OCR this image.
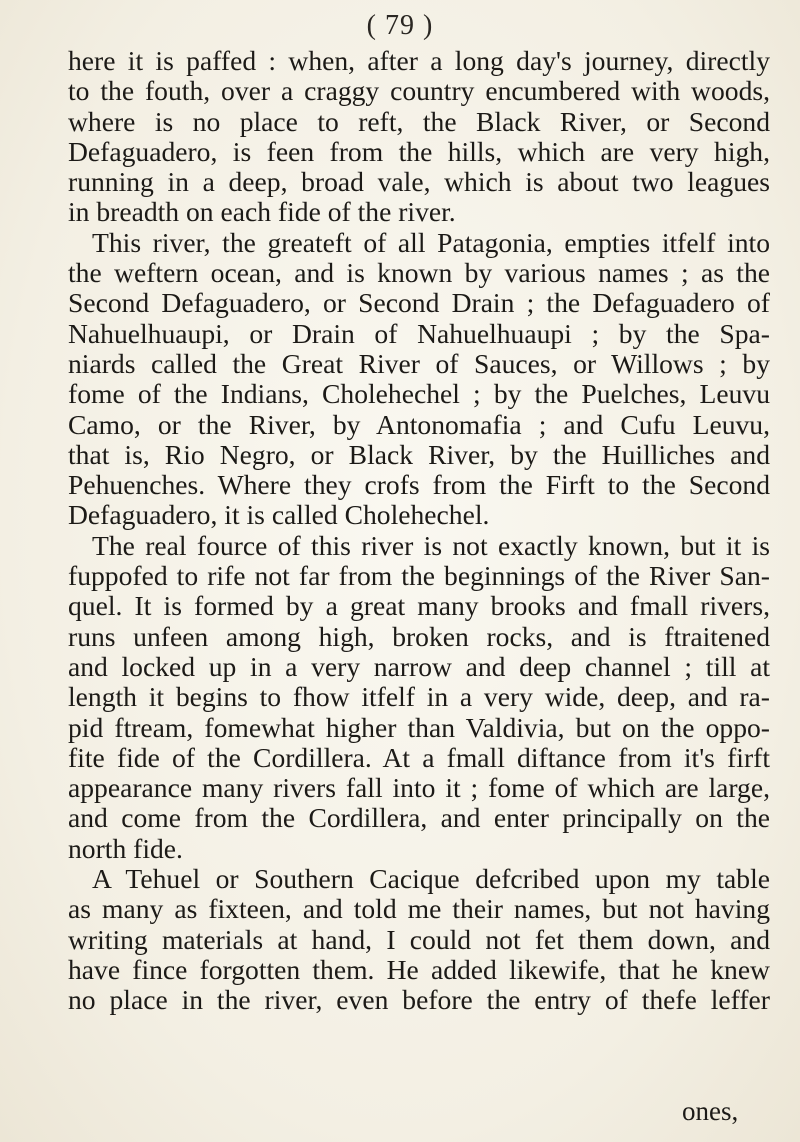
( 79 )
here it is paffed : when, after a long day's journey, directly
to the fouth, over a craggy country encumbered with woods,
where is no place to reft, the Black River, or Second
Defaguadero, is feen from the hills, which are very high,
running in a deep, broad vale, which is about two leagues
in breadth on each fide of the river.
This river, the greateft of all Patagonia, empties itfelf into
the weftern ocean, and is known by various names ; as the
Second Defaguadero, or Second Drain ; the Defaguadero of
Nahuelhuaupi, or Drain of Nahuelhuaupi ; by the Spa-
niards called the Great River of Sauces, or Willows ; by
fome of the Indians, Cholehechel ; by the Puelches, Leuvu
Camo, or the River, by Antonomafia ; and Cufu Leuvu,
that is, Rio Negro, or Black River, by the Huilliches and
Pehuenches. Where they crofs from the Firft to the Second
Defaguadero, it is called Cholehechel.
The real fource of this river is not exactly known, but it is
fuppofed to rife not far from the beginnings of the River San-
quel. It is formed by a great many brooks and fmall rivers,
runs unfeen among high, broken rocks, and is ftraitened
and locked up in a very narrow and deep channel ; till at
length it begins to fhow itfelf in a very wide, deep, and ra-
pid ftream, fomewhat higher than Valdivia, but on the oppo-
fite fide of the Cordillera. At a fmall diftance from it's firft
appearance many rivers fall into it ; fome of which are large,
and come from the Cordillera, and enter principally on the
north fide.
A Tehuel or Southern Cacique defcribed upon my table
as many as fixteen, and told me their names, but not having
writing materials at hand, I could not fet them down, and
have fince forgotten them. He added likewife, that he knew
no place in the river, even before the entry of thefe leffer
ones,
